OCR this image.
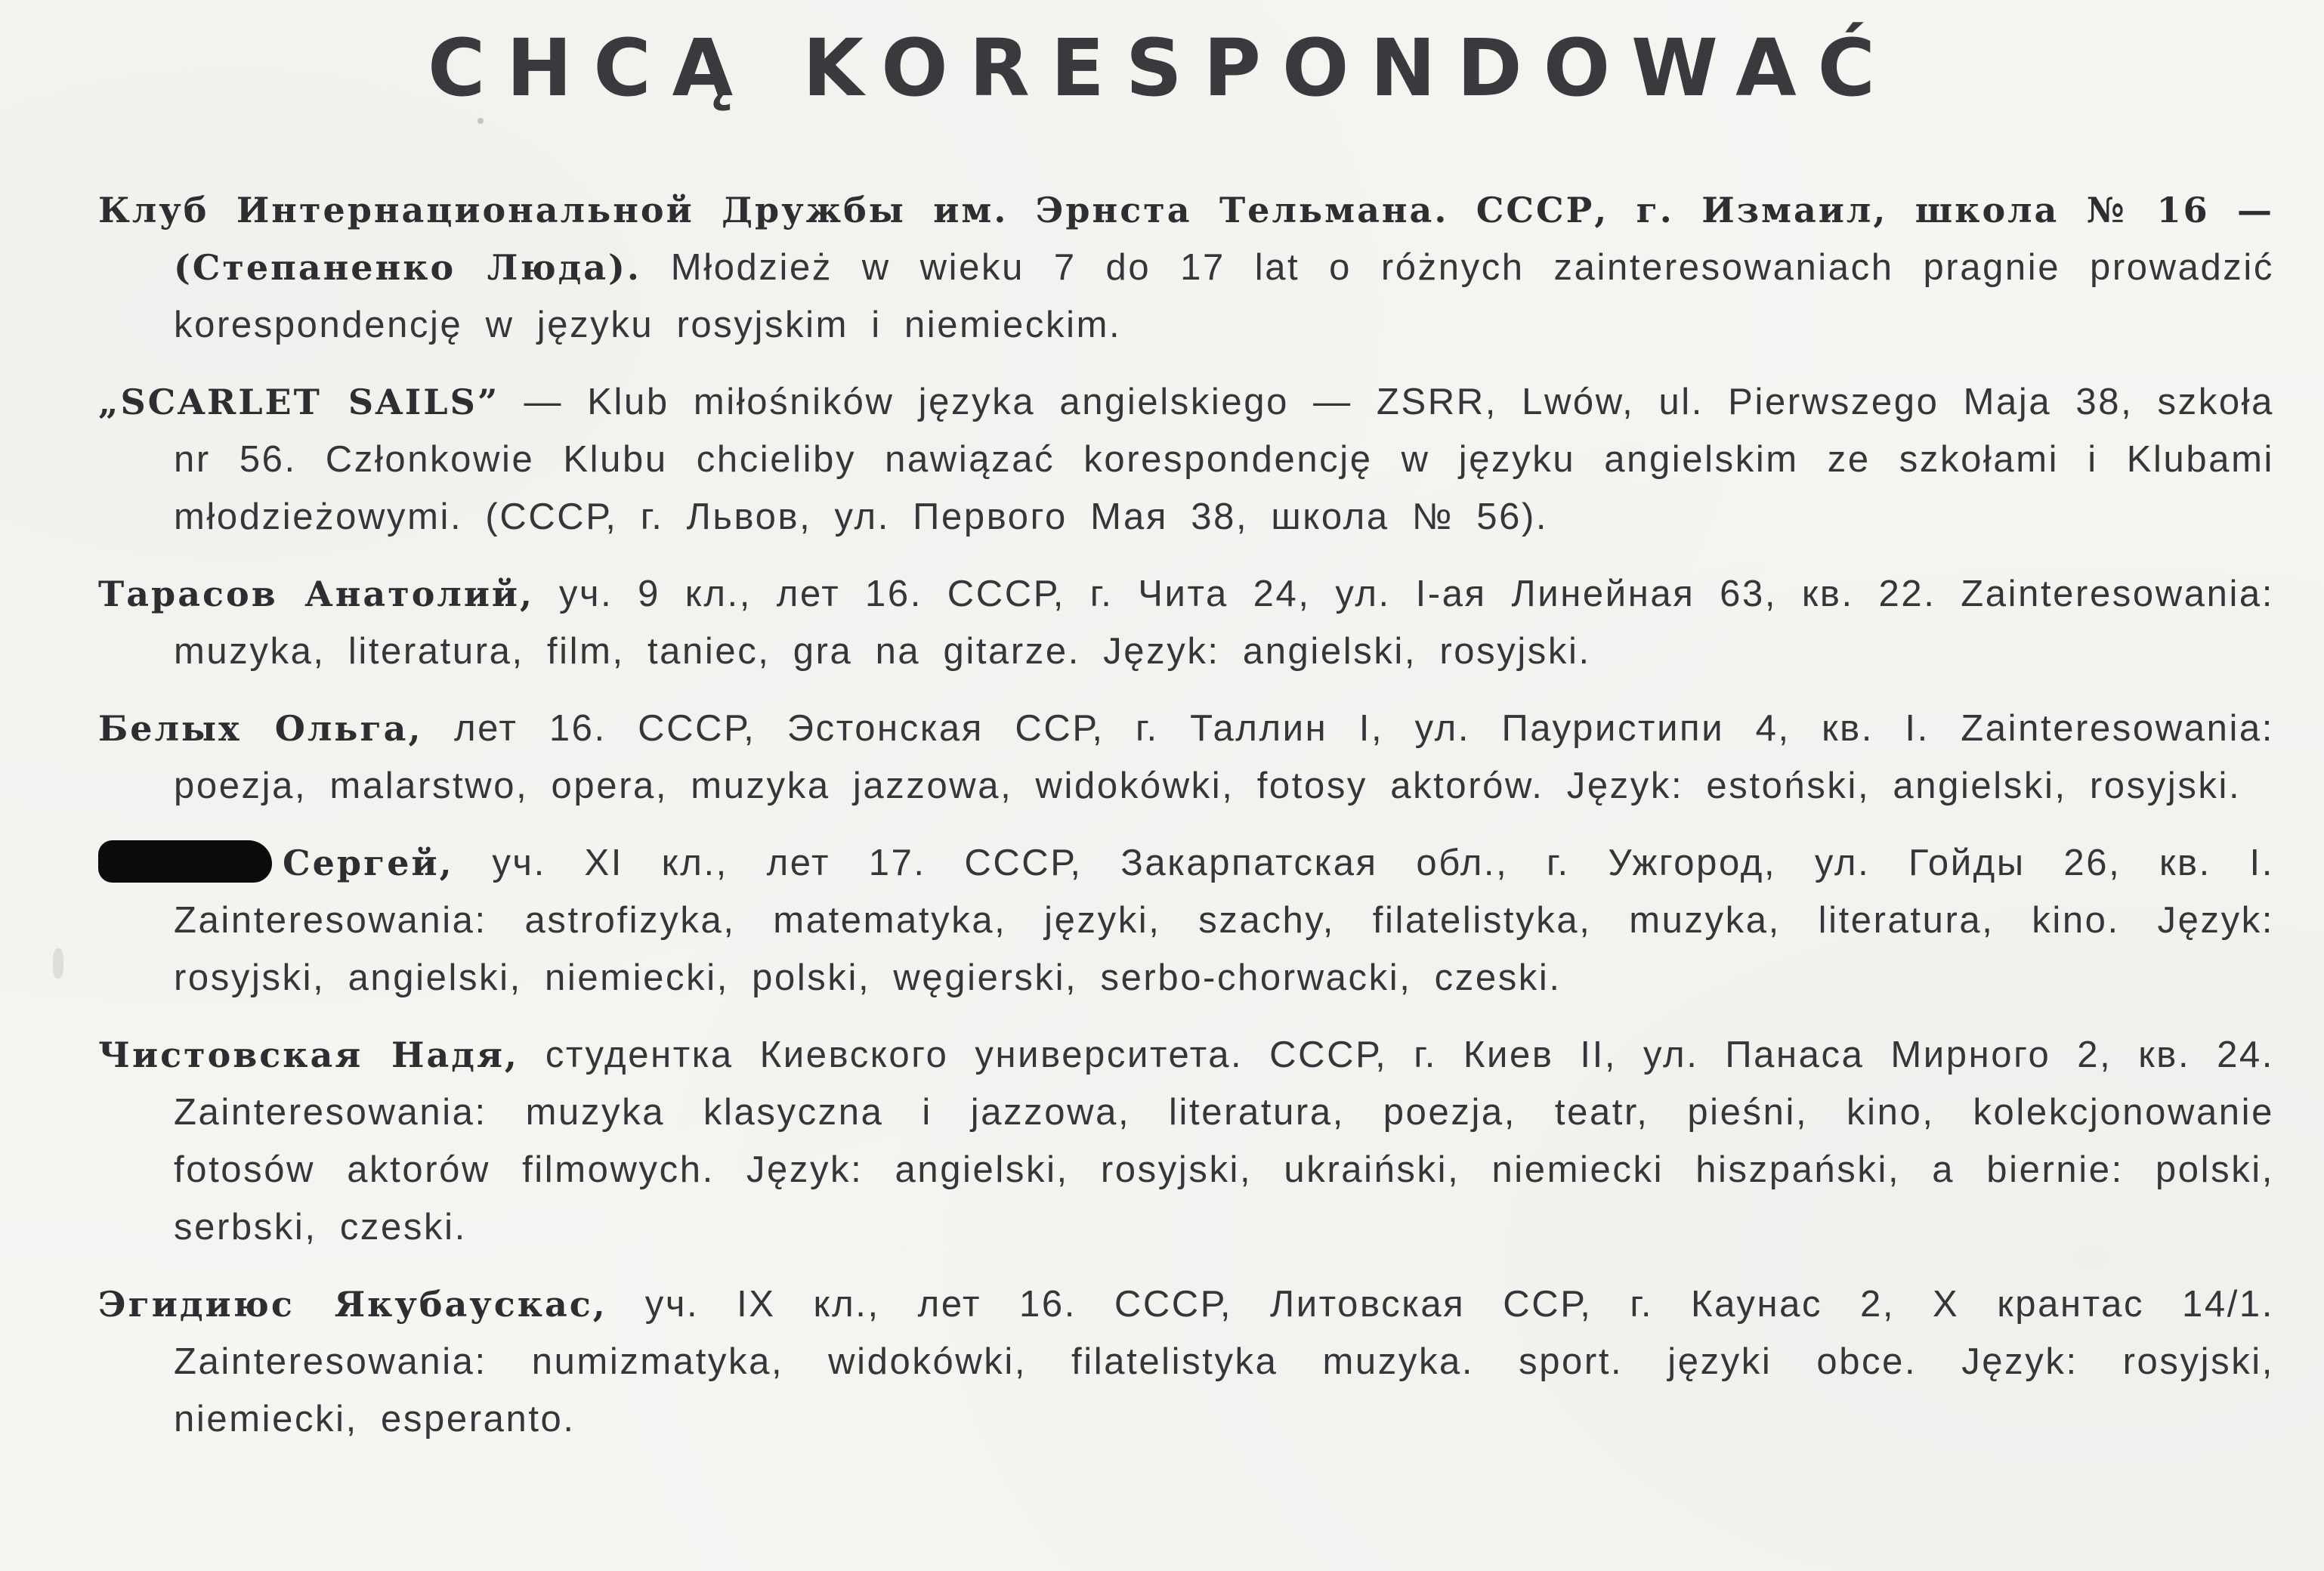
CHCĄ KORESPONDOWAĆ

Клуб Интернациональной Дружбы им. Эрнста Тельмана. СССР, г. Измаил, школа № 16 — (Степаненко Люда). Młodzież w wieku 7 do 17 lat o różnych zainteresowaniach pragnie prowadzić korespondencję w języku rosyjskim i niemieckim.

„SCARLET SAILS” — Klub miłośników języka angielskiego — ZSRR, Lwów, ul. Pierwszego Maja 38, szkoła nr 56. Członkowie Klubu chcieliby nawiązać korespondencję w języku angielskim ze szkołami i Klubami młodzieżowymi. (СССР, г. Львов, ул. Первого Мая 38, школа № 56).

Тарасов Анатолий, уч. 9 кл., лет 16. СССР, г. Чита 24, ул. I-ая Линейная 63, кв. 22. Zainteresowania: muzyka, literatura, film, taniec, gra na gitarze. Język: angielski, rosyjski.

Белых Ольга, лет 16. СССР, Эстонская ССР, г. Таллин I, ул. Пауристипи 4, кв. I. Zainteresowania: poezja, malarstwo, opera, muzyka jazzowa, widokówki, fotosy aktorów. Język: estoński, angielski, rosyjski.

Сергей, уч. XI кл., лет 17. СССР, Закарпатская обл., г. Ужгород, ул. Гойды 26, кв. I. Zainteresowania: astrofizyka, matematyka, języki, szachy, filatelistyka, muzyka, literatura, kino. Język: rosyjski, angielski, niemiecki, polski, węgierski, serbo-chorwacki, czeski.

Чистовская Надя, студентка Киевского университета. СССР, г. Киев II, ул. Панаса Мирного 2, кв. 24. Zainteresowania: muzyka klasyczna i jazzowa, literatura, poezja, teatr, pieśni, kino, kolekcjonowanie fotosów aktorów filmowych. Język: angielski, rosyjski, ukraiński, niemiecki hiszpański, a biernie: polski, serbski, czeski.

Эгидиюс Якубаускас, уч. IX кл., лет 16. СССР, Литовская ССР, г. Каунас 2, Х крантас 14/1. Zainteresowania: numizmatyka, widokówki, filatelistyka muzyka. sport. języki obce. Język: rosyjski, niemiecki, esperanto.
